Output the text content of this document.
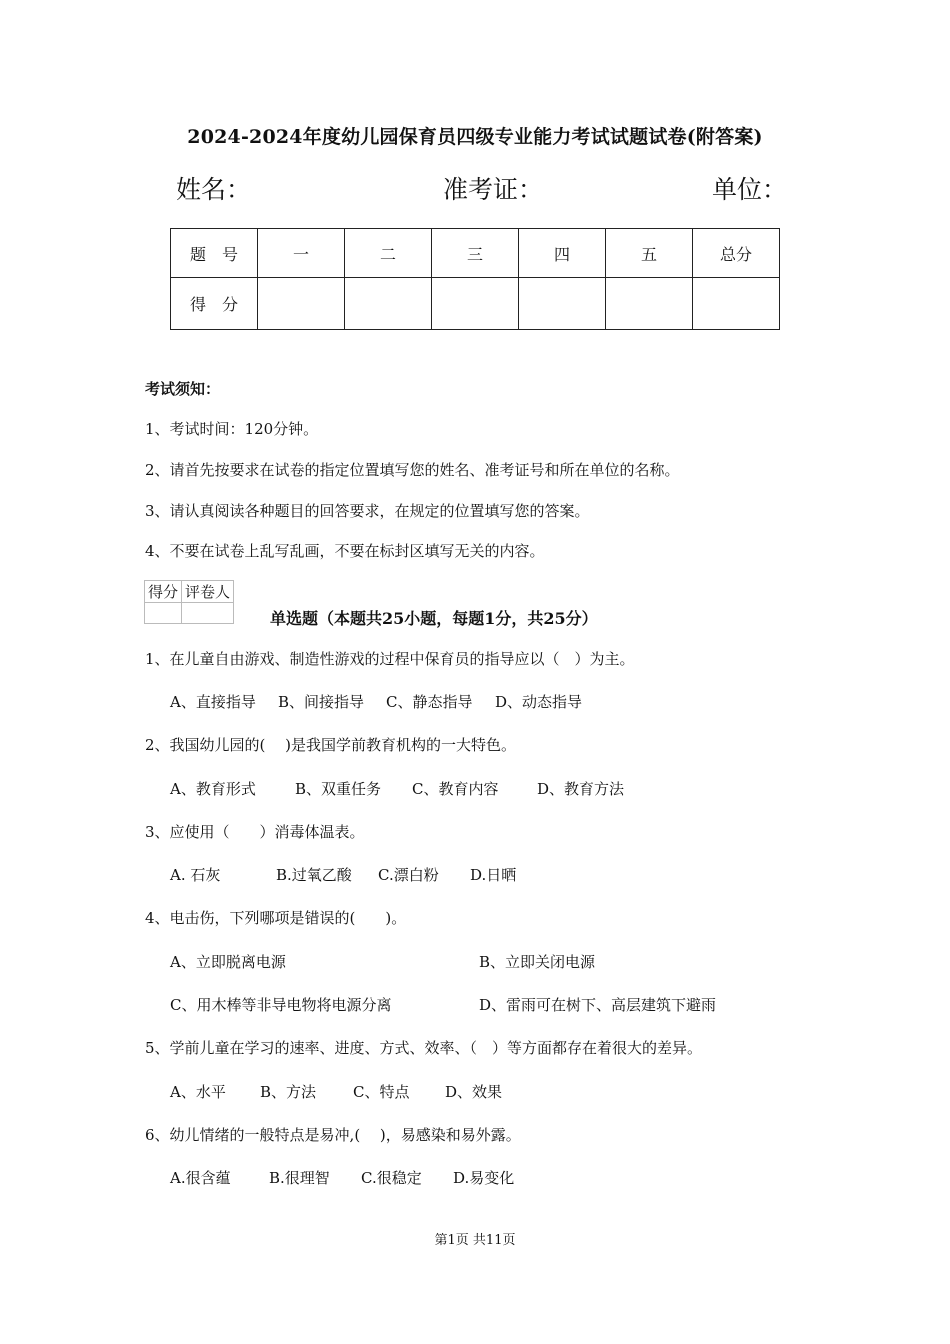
2024-2024年度幼儿园保育员四级专业能力考试试题试卷(附答案)
姓名：	准考证：	单位：
题　号	一	二	三	四	五	总分
得　分						
考试须知：
1、考试时间：120分钟。
2、请首先按要求在试卷的指定位置填写您的姓名、准考证号和所在单位的名称。
3、请认真阅读各种题目的回答要求，在规定的位置填写您的答案。
4、不要在试卷上乱写乱画，不要在标封区填写无关的内容。
得分	评卷人

单选题（本题共25小题，每题1分，共25分）
1、在儿童自由游戏、制造性游戏的过程中保育员的指导应以（　）为主。
A、直接指导 B、间接指导 C、静态指导 D、动态指导
2、我国幼儿园的(　 )是我国学前教育机构的一大特色。
A、教育形式	B、双重任务 C、教育内容	D、教育方法
3、应使用（　　）消毒体温表。
A. 石灰	B.过氧乙酸 C.漂白粉 D.日晒
4、电击伤，下列哪项是错误的(　　)。
A、立即脱离电源	B、立即关闭电源
C、用木棒等非导电物将电源分离	D、雷雨可在树下、高层建筑下避雨
5、学前儿童在学习的速率、进度、方式、效率、（　）等方面都存在着很大的差异。
A、水平 B、方法 C、特点 D、效果
6、幼儿情绪的一般特点是易冲,(　 )，易感染和易外露。
A.很含蕴	B.很理智 C.很稳定 D.易变化
第1页 共11页
